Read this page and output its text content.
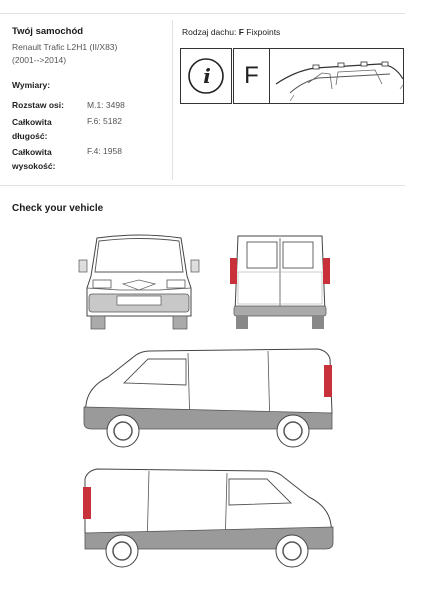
Twój samochód
Renault Trafic L2H1 (II/X83)
(2001-->2014)
Wymiary:
Rozstaw osi:	M.1: 3498
Całkowita długość:
F.6: 5182
Całkowita wysokość:
F.4: 1958
Rodzaj dachu: F Fixpoints
i	F
Check your vehicle
